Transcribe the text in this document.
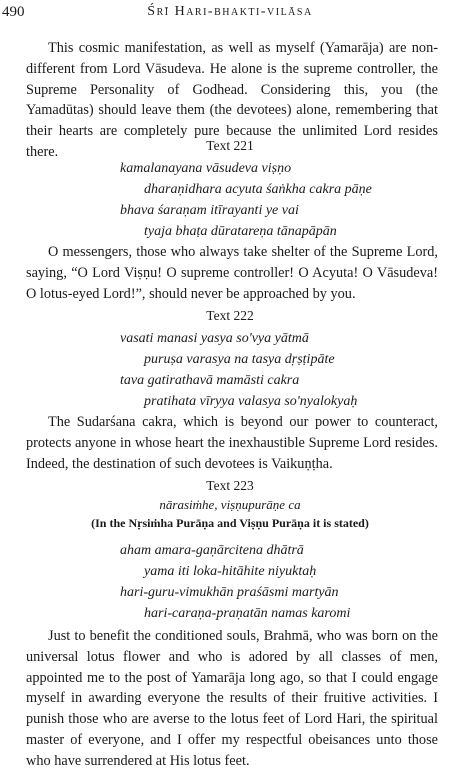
490	Śrī Hari-bhakti-vilāsa

This cosmic manifestation, as well as myself (Yamarāja) are non-different from Lord Vāsudeva. He alone is the supreme controller, the Supreme Personality of Godhead. Considering this, you (the Yamadūtas) should leave them (the devotees) alone, remembering that their hearts are completely pure because the unlimited Lord resides there.	Text 221
kamalanayana vāsudeva viṣṇo
dharaṇidhara acyuta śaṅkha cakra pāṇe
bhava śaraṇam itīrayanti ye vai
tyaja bhaṭa dūratareṇa tānapāpān

O messengers, those who always take shelter of the Supreme Lord, saying, “O Lord Viṣṇu! O supreme controller! O Acyuta! O Vāsudeva! O lotus-eyed Lord!”, should never be approached by you.

Text 222
vasati manasi yasya so'vya yātmā
puruṣa varasya na tasya dṛṣṭipāte
tava gatirathavā mamāsti cakra
pratihata vīryya valasya so'nyalokyaḥ

The Sudarśana cakra, which is beyond our power to counteract, protects anyone in whose heart the inexhaustible Supreme Lord resides. Indeed, the destination of such devotees is Vaikuṇṭha.

Text 223
nārasiṁhe, viṣṇupurāṇe ca
(In the Nṛsiṁha Purāṇa and Viṣṇu Purāṇa it is stated)
aham amara-gaṇārcitena dhātrā
yama iti loka-hitāhite niyuktaḥ
hari-guru-vimukhān praśāsmi martyān
hari-caraṇa-praṇatān namas karomi

Just to benefit the conditioned souls, Brahmā, who was born on the universal lotus flower and who is adored by all classes of men, appointed me to the post of Yamarāja long ago, so that I could engage myself in awarding everyone the results of their fruitive activities. I punish those who are averse to the lotus feet of Lord Hari, the spiritual master of everyone, and I offer my respectful obeisances unto those who have surrendered at His lotus feet.
